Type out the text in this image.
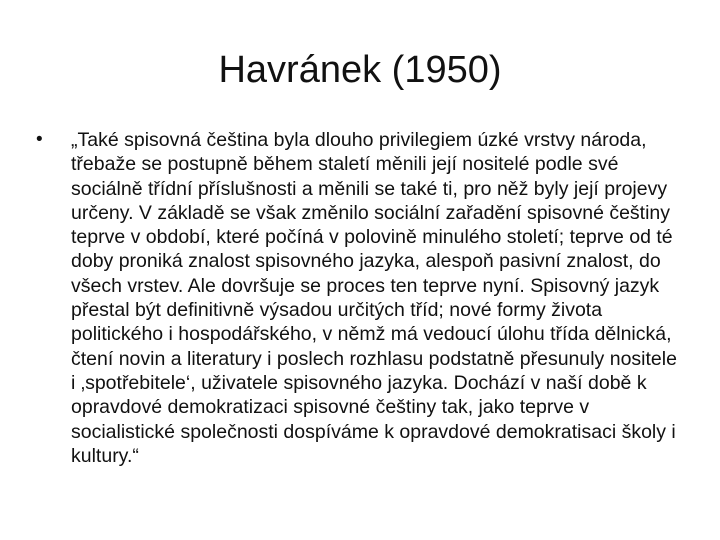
Havránek (1950)
• „Také spisovná čeština byla dlouho privilegiem úzké vrstvy národa, třebaže se postupně během staletí měnili její nositelé podle své sociálně třídní příslušnosti a měnili se také ti, pro něž byly její projevy určeny. V základě se však změnilo sociální zařadění spisovné češtiny teprve v období, které počíná v polovině minulého století; teprve od té doby proniká znalost spisovného jazyka, alespoň pasivní znalost, do všech vrstev. Ale dovršuje se proces ten teprve nyní. Spisovný jazyk přestal být definitivně výsadou určitých tříd; nové formy života politického i hospodářského, v němž má vedoucí úlohu třída dělnická, čtení novin a literatury i poslech rozhlasu podstatně přesunuly nositele i ‚spotřebitele‘, uživatele spisovného jazyka. Dochází v naší době k opravdové demokratizaci spisovné češtiny tak, jako teprve v socialistické společnosti dospíváme k opravdové demokratisaci školy i kultury.“
